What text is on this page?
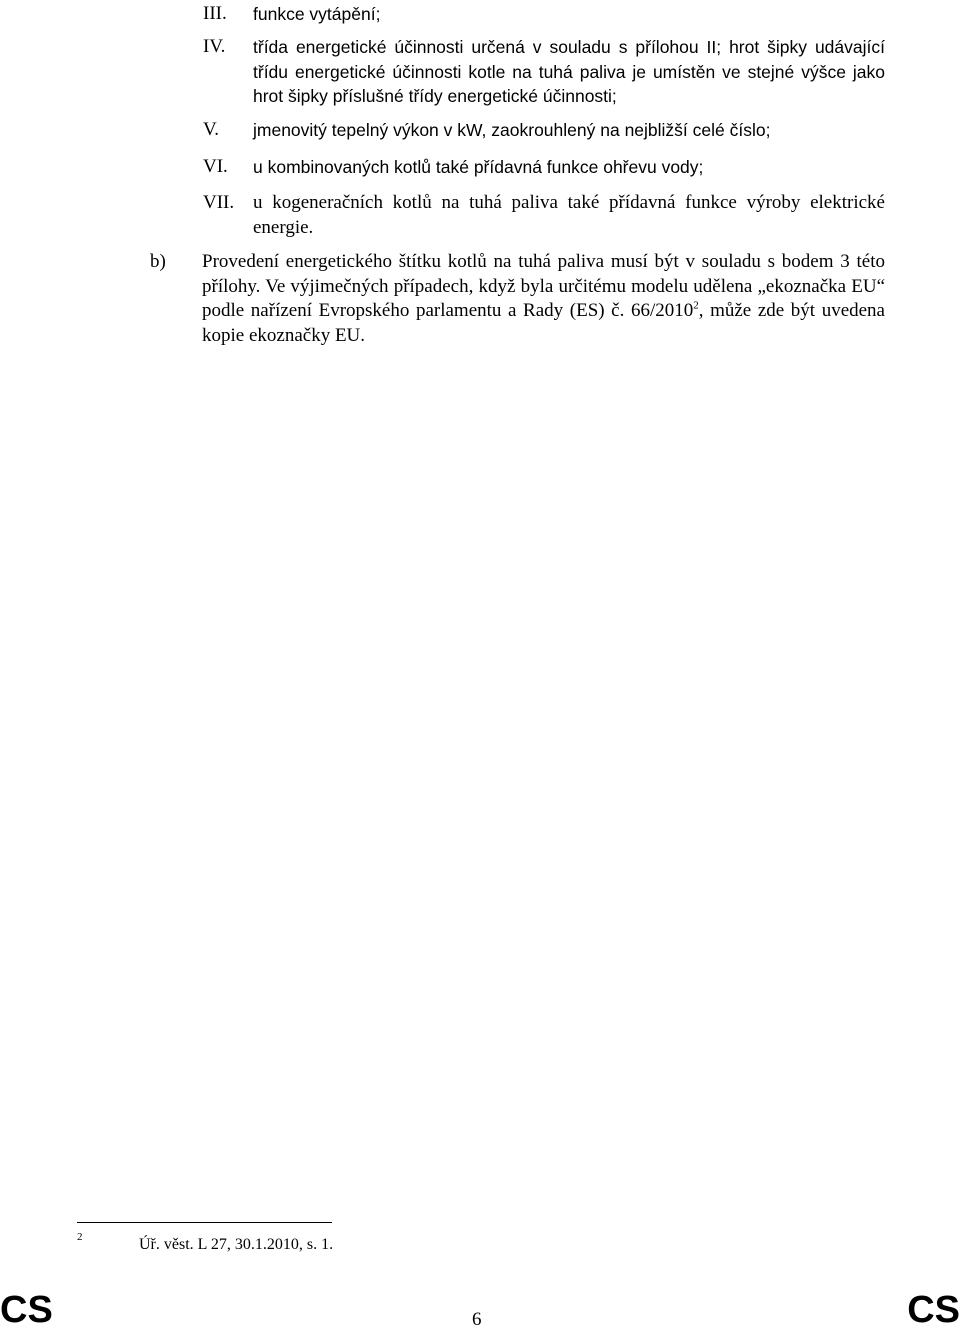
III. funkce vytápění;
IV. třída energetické účinnosti určená v souladu s přílohou II; hrot šipky udávající třídu energetické účinnosti kotle na tuhá paliva je umístěn ve stejné výšce jako hrot šipky příslušné třídy energetické účinnosti;
V. jmenovitý tepelný výkon v kW, zaokrouhlený na nejbližší celé číslo;
VI. u kombinovaných kotlů také přídavná funkce ohřevu vody;
VII. u kogeneračních kotlů na tuhá paliva také přídavná funkce výroby elektrické energie.
b) Provedení energetického štítku kotlů na tuhá paliva musí být v souladu s bodem 3 této přílohy. Ve výjimečných případech, když byla určitému modelu udělena „ekoznačka EU“ podle nařízení Evropského parlamentu a Rady (ES) č. 66/2010$^2$, může zde být uvedena kopie ekoznačky EU.
2	Úř. věst. L 27, 30.1.2010, s. 1.
CS	6	CS
